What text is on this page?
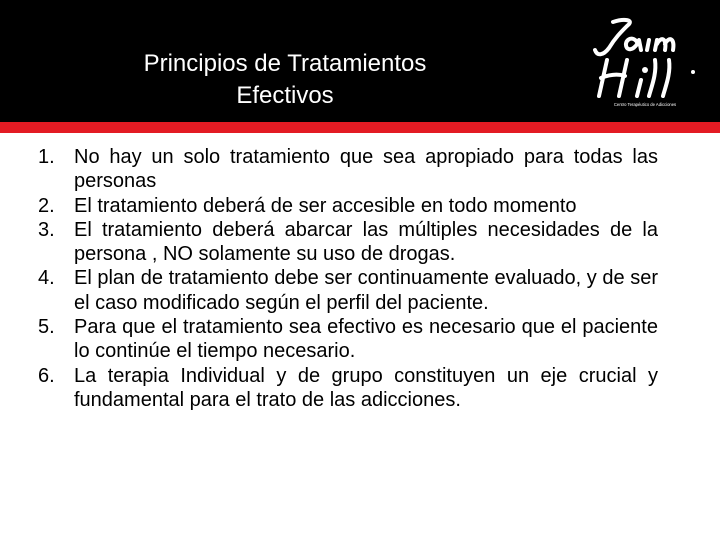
Principios de Tratamientos
Efectivos	Centro Terapéutico de Adicciones
1. No hay un solo tratamiento que sea apropiado para todas las personas
2. El tratamiento deberá de ser accesible en todo momento
3. El tratamiento deberá abarcar las múltiples necesidades de la persona , NO solamente su uso de drogas.
4. El plan de tratamiento debe ser continuamente evaluado, y de ser el caso modificado según el perfil del paciente.
5. Para que el tratamiento sea efectivo es necesario que el paciente lo continúe el tiempo necesario.
6. La terapia Individual y de grupo constituyen un eje crucial y fundamental para el trato de las adicciones.
